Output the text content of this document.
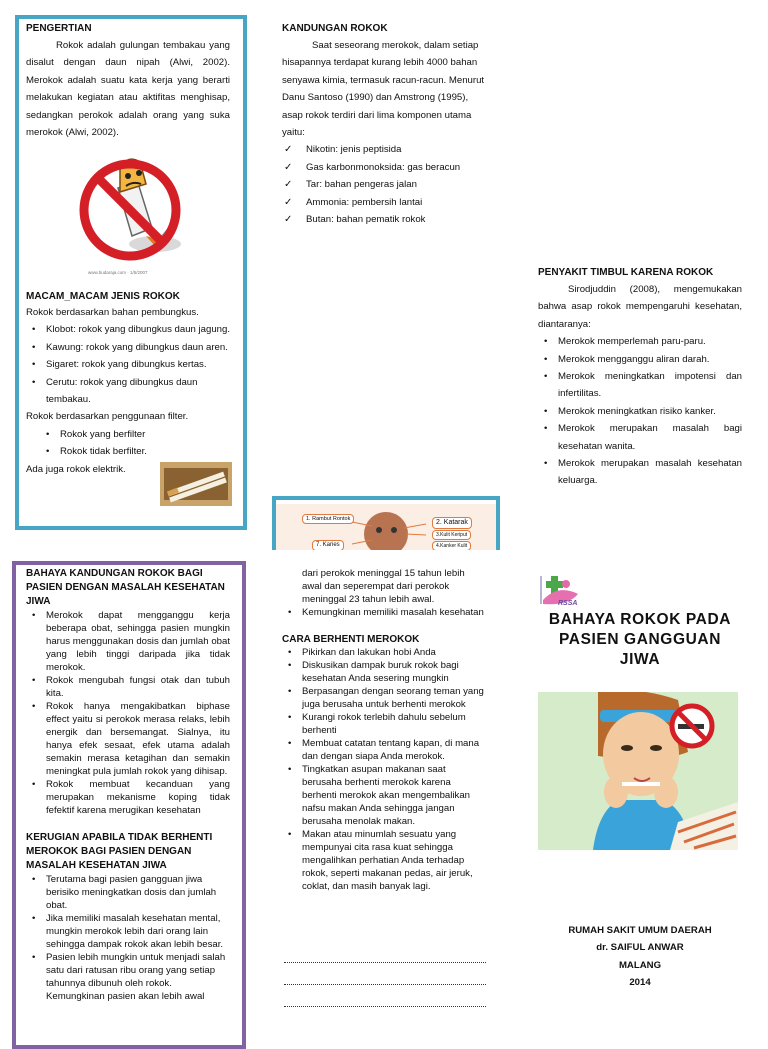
PENGERTIAN

Rokok adalah gulungan tembakau yang disalut dengan daun nipah (Alwi, 2002). Merokok adalah suatu kata kerja yang berarti melakukan kegiatan atau aktifitas menghisap, sedangkan perokok adalah orang yang suka merokok (Alwi, 2002).

www.budaraja.com · 1/5/2007
MACAM_MACAM JENIS ROKOK

Rokok berdasarkan bahan pembungkus.

• Klobot: rokok yang dibungkus daun jagung.
• Kawung: rokok yang dibungkus daun aren.
• Sigaret: rokok yang dibungkus kertas.
• Cerutu: rokok yang dibungkus daun tembakau.

Rokok berdasarkan penggunaan filter.

• Rokok yang berfilter
• Rokok tidak berfilter.

Ada juga rokok elektrik.

KANDUNGAN ROKOK

Saat seseorang merokok, dalam setiap hisapannya terdapat kurang lebih 4000 bahan senyawa kimia, termasuk racun-racun. Menurut Danu Santoso (1990) dan Amstrong (1995), asap rokok terdiri dari lima komponen utama yaitu:

✓ Nikotin: jenis peptisida
✓ Gas karbonmonoksida: gas beracun
✓ Tar: bahan pengeras jalan
✓ Ammonia: pembersih lantai
✓ Butan: bahan pematik rokok
1. Rambut Rontok	2. Katarak
3.Kulit Keriput
4.Kanker Kulit
7. Karies
PENYAKIT TIMBUL KARENA ROKOK

Sirodjuddin (2008), mengemukakan bahwa asap rokok mempengaruhi kesehatan, diantaranya:

• Merokok memperlemah paru-paru.
• Merokok mengganggu aliran darah.
• Merokok meningkatkan impotensi dan infertilitas.
• Merokok meningkatkan risiko kanker.
• Merokok merupakan masalah bagi kesehatan wanita.
• Merokok merupakan masalah kesehatan keluarga.
BAHAYA KANDUNGAN ROKOK BAGI PASIEN DENGAN MASALAH KESEHATAN JIWA
• Merokok dapat mengganggu kerja beberapa obat, sehingga pasien mungkin harus menggunakan dosis dan jumlah obat yang lebih tinggi daripada jika tidak merokok.
• Rokok mengubah fungsi otak dan tubuh kita.
• Rokok hanya mengakibatkan biphase effect yaitu si perokok merasa relaks, lebih energik dan bersemangat. Sialnya, itu hanya efek sesaat, efek utama adalah semakin merasa ketagihan dan semakin meningkat pula jumlah rokok yang dihisap.
• Rokok membuat kecanduan yang merupakan mekanisme koping tidak fefektif karena merugikan kesehatan
KERUGIAN APABILA TIDAK BERHENTI MEROKOK BAGI PASIEN DENGAN MASALAH KESEHATAN JIWA
• Terutama bagi pasien gangguan jiwa berisiko meningkatkan dosis dan jumlah obat.
• Jika memiliki masalah kesehatan mental, mungkin merokok lebih dari orang lain sehingga dampak rokok akan lebih besar.
• Pasien lebih mungkin untuk menjadi salah satu dari ratusan ribu orang yang setiap tahunnya dibunuh oleh rokok. Kemungkinan pasien akan lebih awal

dari perokok meninggal 15 tahun lebih awal dan seperempat dari perokok meninggal 23 tahun lebih awal.

• Kemungkinan memiliki masalah kesehatan
CARA BERHENTI MEROKOK
• Pikirkan dan lakukan hobi Anda
• Diskusikan dampak buruk rokok bagi kesehatan Anda sesering mungkin
• Berpasangan dengan seorang teman yang juga berusaha untuk berhenti merokok
• Kurangi rokok terlebih dahulu sebelum berhenti
• Membuat catatan tentang kapan, di mana dan dengan siapa Anda merokok.
• Tingkatkan asupan makanan saat berusaha berhenti merokok karena berhenti merokok akan mengembalikan nafsu makan Anda sehingga jangan berusaha menolak makan.
• Makan atau minumlah sesuatu yang mempunyai cita rasa kuat sehingga mengalihkan perhatian Anda terhadap rokok, seperti makanan pedas, air jeruk, coklat, dan masih banyak lagi.
RSSA
BAHAYA ROKOK PADA PASIEN GANGGUAN JIWA
RUMAH SAKIT UMUM DAERAH
dr. SAIFUL ANWAR
MALANG
2014
